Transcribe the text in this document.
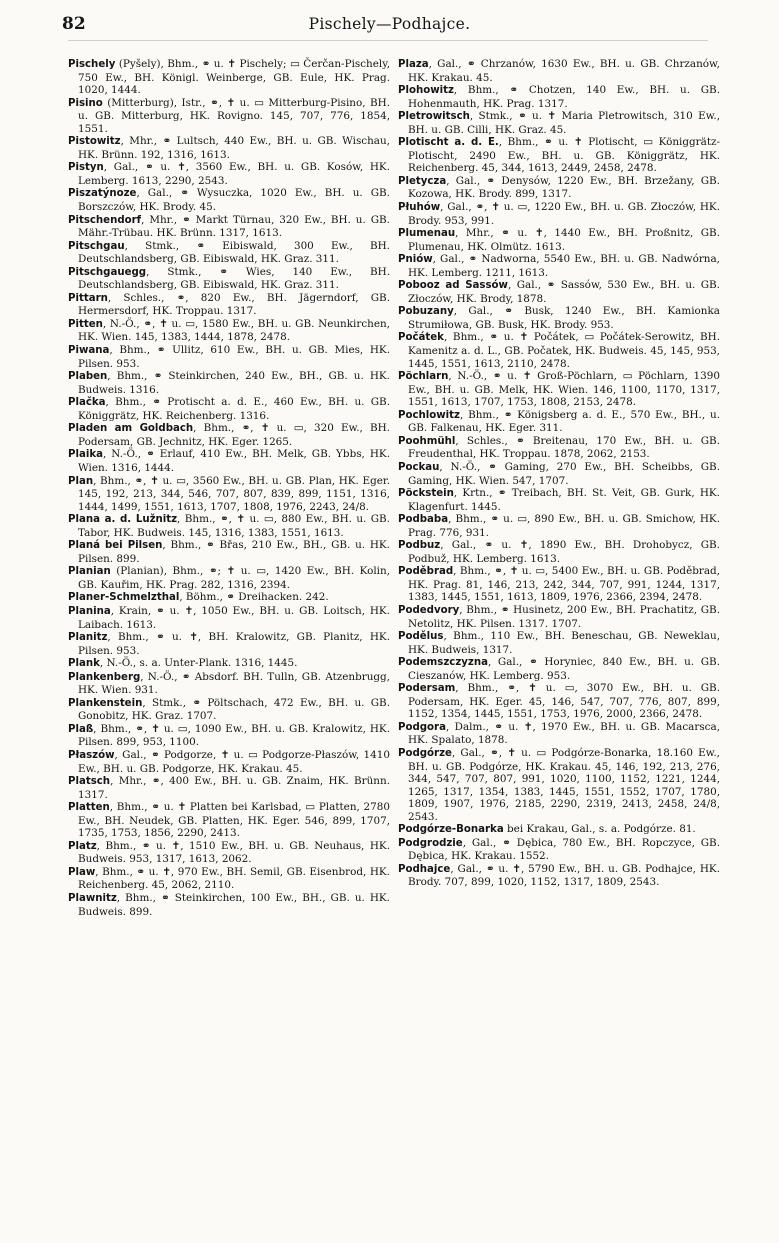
82	Pischely—Podhajce.

Pischely (Pyšely), Bhm., ⚭ u. ✝ Pischely; ▭ Čerčan-Pischely, 750 Ew., BH. Königl. Weinberge, GB. Eule, HK. Prag. 1020, 1444.

Pisino (Mitterburg), Istr., ⚭, ✝ u. ▭ Mitterburg-Pisino, BH. u. GB. Mitterburg, HK. Rovigno. 145, 707, 776, 1854, 1551.

Pistowitz, Mhr., ⚭ Lultsch, 440 Ew., BH. u. GB. Wischau, HK. Brünn. 192, 1316, 1613.

Pistyn, Gal., ⚭ u. ✝, 3560 Ew., BH. u. GB. Kosów, HK. Lemberg. 1613, 2290, 2543.

Piszatýnoze, Gal., ⚭ Wysuczka, 1020 Ew., BH. u. GB. Borszczów, HK. Brody. 45.

Pitschendorf, Mhr., ⚭ Markt Türnau, 320 Ew., BH. u. GB. Mähr.-Trübau. HK. Brünn. 1317, 1613.

Pitschgau, Stmk., ⚭ Eibiswald, 300 Ew., BH. Deutschlandsberg, GB. Eibiswald, HK. Graz. 311.

Pitschgauegg, Stmk., ⚭ Wies, 140 Ew., BH. Deutschlandsberg, GB. Eibiswald, HK. Graz. 311.

Pittarn, Schles., ⚭, 820 Ew., BH. Jägerndorf, GB. Hermersdorf, HK. Troppau. 1317.

Pitten, N.-Ö., ⚭, ✝ u. ▭, 1580 Ew., BH. u. GB. Neunkirchen, HK. Wien. 145, 1383, 1444, 1878, 2478.

Piwana, Bhm., ⚭ Ullitz, 610 Ew., BH. u. GB. Mies, HK. Pilsen. 953.

Plaben, Bhm., ⚭ Steinkirchen, 240 Ew., BH., GB. u. HK. Budweis. 1316.

Plačka, Bhm., ⚭ Protischt a. d. E., 460 Ew., BH. u. GB. Königgrätz, HK. Reichenberg. 1316.

Pladen am Goldbach, Bhm., ⚭, ✝ u. ▭, 320 Ew., BH. Podersam, GB. Jechnitz, HK. Eger. 1265.

Plaika, N.-Ö., ⚭ Erlauf, 410 Ew., BH. Melk, GB. Ybbs, HK. Wien. 1316, 1444.

Plan, Bhm., ⚭, ✝ u. ▭, 3560 Ew., BH. u. GB. Plan, HK. Eger. 145, 192, 213, 344, 546, 707, 807, 839, 899, 1151, 1316, 1444, 1499, 1551, 1613, 1707, 1808, 1976, 2243, 24/8.

Plana a. d. Lužnitz, Bhm., ⚭, ✝ u. ▭, 880 Ew., BH. u. GB. Tabor, HK. Budweis. 145, 1316, 1383, 1551, 1613.

Planá bei Pilsen, Bhm., ⚭ Břas, 210 Ew., BH., GB. u. HK. Pilsen. 899.

Planian (Planian), Bhm., ⚭; ✝ u. ▭, 1420 Ew., BH. Kolin, GB. Kauřim, HK. Prag. 282, 1316, 2394.

Planer-Schmelzthal, Böhm., ⚭ Dreihacken. 242.

Planina, Krain, ⚭ u. ✝, 1050 Ew., BH. u. GB. Loitsch, HK. Laibach. 1613.

Planitz, Bhm., ⚭ u. ✝, BH. Kralowitz, GB. Planitz, HK. Pilsen. 953.

Plank, N.-Ö., s. a. Unter-Plank. 1316, 1445.

Plankenberg, N.-Ö., ⚭ Absdorf. BH. Tulln, GB. Atzenbrugg, HK. Wien. 931.

Plankenstein, Stmk., ⚭ Pöltschach, 472 Ew., BH. u. GB. Gonobitz, HK. Graz. 1707.

Plaß, Bhm., ⚭, ✝ u. ▭, 1090 Ew., BH. u. GB. Kralowitz, HK. Pilsen. 899, 953, 1100.

Płaszów, Gal., ⚭ Podgorze, ✝ u. ▭ Podgorze-Płaszów, 1410 Ew., BH. u. GB. Podgorze, HK. Krakau. 45.

Platsch, Mhr., ⚭, 400 Ew., BH. u. GB. Znaim, HK. Brünn. 1317.

Platten, Bhm., ⚭ u. ✝ Platten bei Karlsbad, ▭ Platten, 2780 Ew., BH. Neudek, GB. Platten, HK. Eger. 546, 899, 1707, 1735, 1753, 1856, 2290, 2413.

Platz, Bhm., ⚭ u. ✝, 1510 Ew., BH. u. GB. Neuhaus, HK. Budweis. 953, 1317, 1613, 2062.

Plaw, Bhm., ⚭ u. ✝, 970 Ew., BH. Semil, GB. Eisenbrod, HK. Reichenberg. 45, 2062, 2110.

Plawnitz, Bhm., ⚭ Steinkirchen, 100 Ew., BH., GB. u. HK. Budweis. 899.

Plaza, Gal., ⚭ Chrzanów, 1630 Ew., BH. u. GB. Chrzanów, HK. Krakau. 45.

Plohowitz, Bhm., ⚭ Chotzen, 140 Ew., BH. u. GB. Hohenmauth, HK. Prag. 1317.

Pletrowitsch, Stmk., ⚭ u. ✝ Maria Pletrowitsch, 310 Ew., BH. u. GB. Cilli, HK. Graz. 45.

Plotischt a. d. E., Bhm., ⚭ u. ✝ Plotischt, ▭ Königgrätz-Plotischt, 2490 Ew., BH. u. GB. Königgrätz, HK. Reichenberg. 45, 344, 1613, 2449, 2458, 2478.

Pletycza, Gal., ⚭ Denysów, 1220 Ew., BH. Brzežany, GB. Kozowa, HK. Brody. 899, 1317.

Płuhów, Gal., ⚭, ✝ u. ▭, 1220 Ew., BH. u. GB. Złoczów, HK. Brody. 953, 991.

Plumenau, Mhr., ⚭ u. ✝, 1440 Ew., BH. Proßnitz, GB. Plumenau, HK. Olmütz. 1613.

Pniów, Gal., ⚭ Nadworna, 5540 Ew., BH. u. GB. Nadwórna, HK. Lemberg. 1211, 1613.

Pobooz ad Sassów, Gal., ⚭ Sassów, 530 Ew., BH. u. GB. Złoczów, HK. Brody, 1878.

Pobuzany, Gal., ⚭ Busk, 1240 Ew., BH. Kamionka Strumiłowa, GB. Busk, HK. Brody. 953.

Počátek, Bhm., ⚭ u. ✝ Počátek, ▭ Počátek-Serowitz, BH. Kamenitz a. d. L., GB. Počatek, HK. Budweis. 45, 145, 953, 1445, 1551, 1613, 2110, 2478.

Pöchlarn, N.-Ö., ⚭ u. ✝ Groß-Pöchlarn, ▭ Pöchlarn, 1390 Ew., BH. u. GB. Melk, HK. Wien. 146, 1100, 1170, 1317, 1551, 1613, 1707, 1753, 1808, 2153, 2478.

Pochlowitz, Bhm., ⚭ Königsberg a. d. E., 570 Ew., BH., u. GB. Falkenau, HK. Eger. 311.

Poohmühl, Schles., ⚭ Breitenau, 170 Ew., BH. u. GB. Freudenthal, HK. Troppau. 1878, 2062, 2153.

Pockau, N.-Ö., ⚭ Gaming, 270 Ew., BH. Scheibbs, GB. Gaming, HK. Wien. 547, 1707.

Pöckstein, Krtn., ⚭ Treibach, BH. St. Veit, GB. Gurk, HK. Klagenfurt. 1445.

Podbaba, Bhm., ⚭ u. ▭, 890 Ew., BH. u. GB. Smichow, HK. Prag. 776, 931.

Podbuz, Gal., ⚭ u. ✝, 1890 Ew., BH. Drohobycz, GB. Podbuž, HK. Lemberg. 1613.

Poděbrad, Bhm., ⚭, ✝ u. ▭, 5400 Ew., BH. u. GB. Poděbrad, HK. Prag. 81, 146, 213, 242, 344, 707, 991, 1244, 1317, 1383, 1445, 1551, 1613, 1809, 1976, 2366, 2394, 2478.

Podedvory, Bhm., ⚭ Husinetz, 200 Ew., BH. Prachatitz, GB. Netolitz, HK. Pilsen. 1317. 1707.

Podělus, Bhm., 110 Ew., BH. Beneschau, GB. Neweklau, HK. Budweis, 1317.

Podemszczyzna, Gal., ⚭ Horyniec, 840 Ew., BH. u. GB. Cieszanów, HK. Lemberg. 953.

Podersam, Bhm., ⚭, ✝ u. ▭, 3070 Ew., BH. u. GB. Podersam, HK. Eger. 45, 146, 547, 707, 776, 807, 899, 1152, 1354, 1445, 1551, 1753, 1976, 2000, 2366, 2478.

Podgora, Dalm., ⚭ u. ✝, 1970 Ew., BH. u. GB. Macarsca, HK. Spalato, 1878.

Podgórze, Gal., ⚭, ✝ u. ▭ Podgórze-Bonarka, 18.160 Ew., BH. u. GB. Podgórze, HK. Krakau. 45, 146, 192, 213, 276, 344, 547, 707, 807, 991, 1020, 1100, 1152, 1221, 1244, 1265, 1317, 1354, 1383, 1445, 1551, 1552, 1707, 1780, 1809, 1907, 1976, 2185, 2290, 2319, 2413, 2458, 24/8, 2543.

Podgórze-Bonarka bei Krakau, Gal., s. a. Podgórze. 81.

Podgrodzie, Gal., ⚭ Dębica, 780 Ew., BH. Ropczyce, GB. Dębica, HK. Krakau. 1552.

Podhajce, Gal., ⚭ u. ✝, 5790 Ew., BH. u. GB. Podhajce, HK. Brody. 707, 899, 1020, 1152, 1317, 1809, 2543.
